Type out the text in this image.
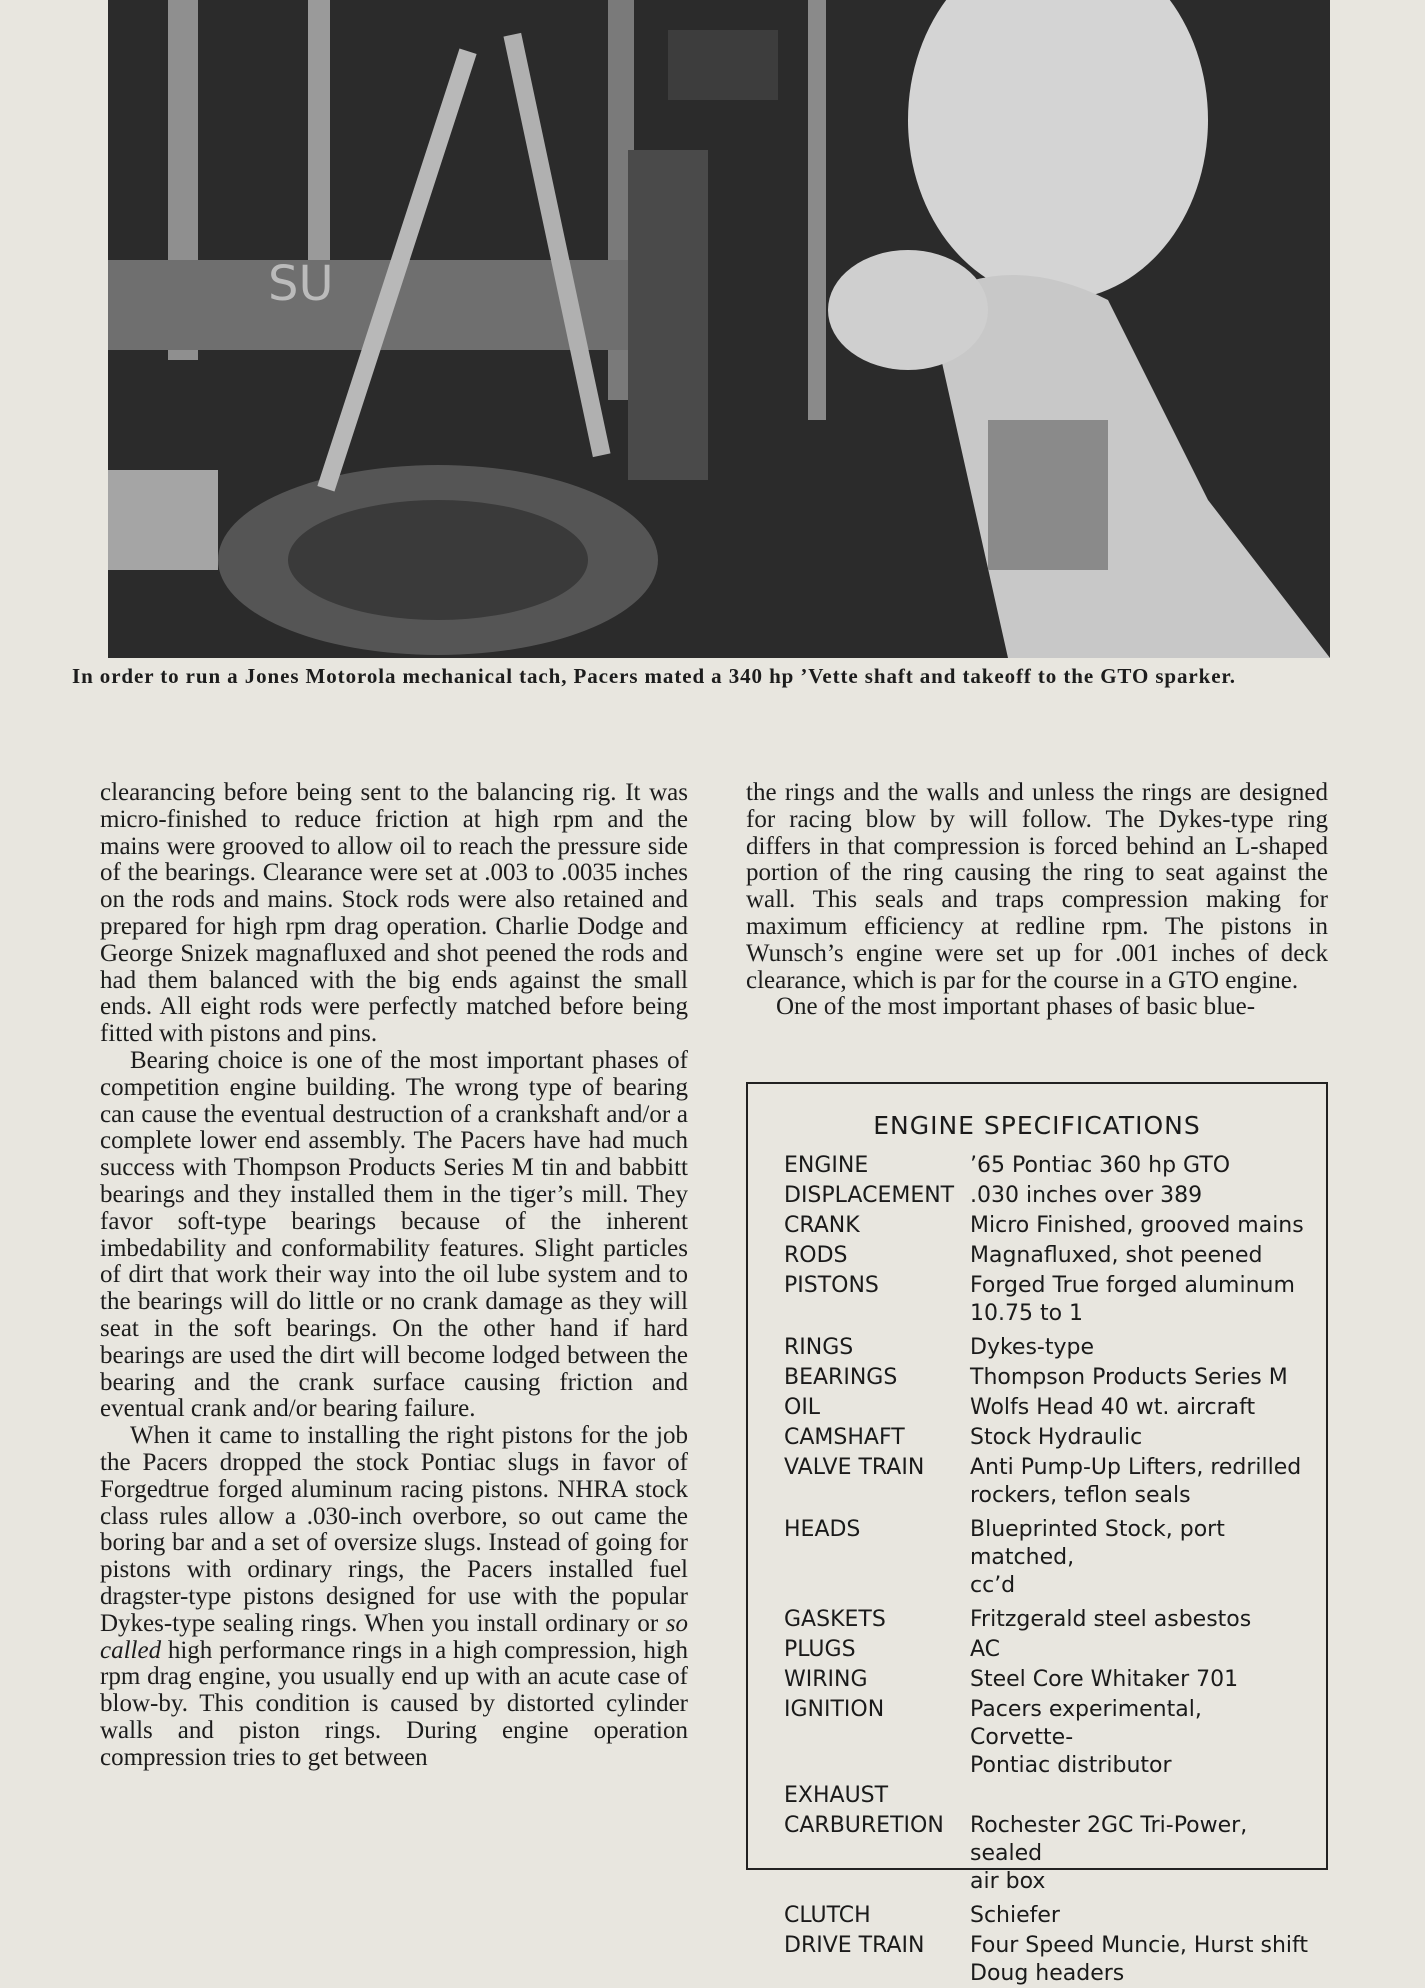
SU
In order to run a Jones Motorola mechanical tach, Pacers mated a 340 hp ’Vette shaft and takeoff to the GTO sparker.

clearancing before being sent to the balancing rig. It was micro-finished to reduce friction at high rpm and the mains were grooved to allow oil to reach the pressure side of the bearings. Clearance were set at .003 to .0035 inches on the rods and mains. Stock rods were also retained and prepared for high rpm drag operation. Charlie Dodge and George Snizek magnafluxed and shot peened the rods and had them balanced with the big ends against the small ends. All eight rods were perfectly matched before being fitted with pistons and pins.

Bearing choice is one of the most important phases of competition engine building. The wrong type of bearing can cause the eventual destruction of a crankshaft and/or a complete lower end assembly. The Pacers have had much success with Thompson Products Series M tin and babbitt bearings and they installed them in the tiger’s mill. They favor soft-type bearings because of the inherent imbedability and conformability features. Slight particles of dirt that work their way into the oil lube system and to the bearings will do little or no crank damage as they will seat in the soft bearings. On the other hand if hard bearings are used the dirt will become lodged between the bearing and the crank surface causing friction and eventual crank and/or bearing failure.

When it came to installing the right pistons for the job the Pacers dropped the stock Pontiac slugs in favor of Forgedtrue forged aluminum racing pistons. NHRA stock class rules allow a .030-inch overbore, so out came the boring bar and a set of oversize slugs. Instead of going for pistons with ordinary rings, the Pacers installed fuel dragster-type pistons designed for use with the popular Dykes-type sealing rings. When you install ordinary or so called high performance rings in a high compression, high rpm drag engine, you usually end up with an acute case of blow-by. This condition is caused by distorted cylinder walls and piston rings. During engine operation compression tries to get between

the rings and the walls and unless the rings are designed for racing blow by will follow. The Dykes-type ring differs in that compression is forced behind an L-shaped portion of the ring causing the ring to seat against the wall. This seals and traps compression making for maximum efficiency at redline rpm. The pistons in Wunsch’s engine were set up for .001 inches of deck clearance, which is par for the course in a GTO engine.

One of the most important phases of basic blue-

ENGINE SPECIFICATIONS
ENGINE	’65 Pontiac 360 hp GTO
DISPLACEMENT .030 inches over 389
CRANK	Micro Finished, grooved mains
RODS	Magnafluxed, shot peened
PISTONS	Forged True forged aluminum
10.75 to 1
RINGS	Dykes-type
BEARINGS	Thompson Products Series M
OIL	Wolfs Head 40 wt. aircraft
CAMSHAFT	Stock Hydraulic
VALVE TRAIN	Anti Pump-Up Lifters, redrilled
rockers, teflon seals
HEADS	Blueprinted Stock, port matched,
cc’d
GASKETS	Fritzgerald steel asbestos
PLUGS	AC
WIRING	Steel Core Whitaker 701
IGNITION	Pacers experimental, Corvette-
Pontiac distributor
EXHAUST
CARBURETION	Rochester 2GC Tri-Power, sealed
air box
CLUTCH	Schiefer
DRIVE TRAIN	Four Speed Muncie, Hurst shift
Doug headers
